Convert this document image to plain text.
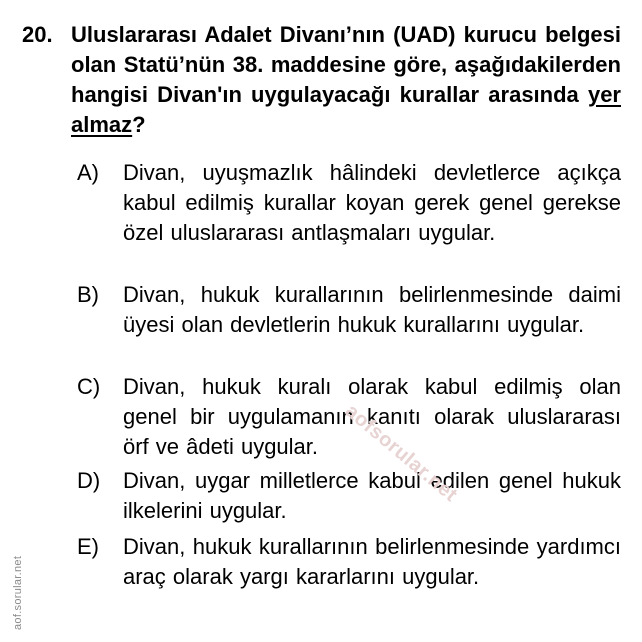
20. Uluslararası Adalet Divanı’nın (UAD) kurucu belgesi olan Statü’nün 38. maddesine göre, aşağıdakilerden hangisi Divan'ın uygulayacağı kurallar arasında yer almaz?
A) Divan, uyuşmazlık hâlindeki devletlerce açıkça kabul edilmiş kurallar koyan gerek genel gerekse özel uluslararası antlaşmaları uygular.
B) Divan, hukuk kurallarının belirlenmesinde daimi üyesi olan devletlerin hukuk kurallarını uygular.
C) Divan, hukuk kuralı olarak kabul edilmiş olan genel bir uygulamanın kanıtı olarak uluslararası örf ve âdeti uygular.
D) Divan, uygar milletlerce kabul edilen genel hukuk ilkelerini uygular.
E) Divan, hukuk kurallarının belirlenmesinde yardımcı araç olarak yargı kararlarını uygular.
aof.sorular.net
aofsorular.net
